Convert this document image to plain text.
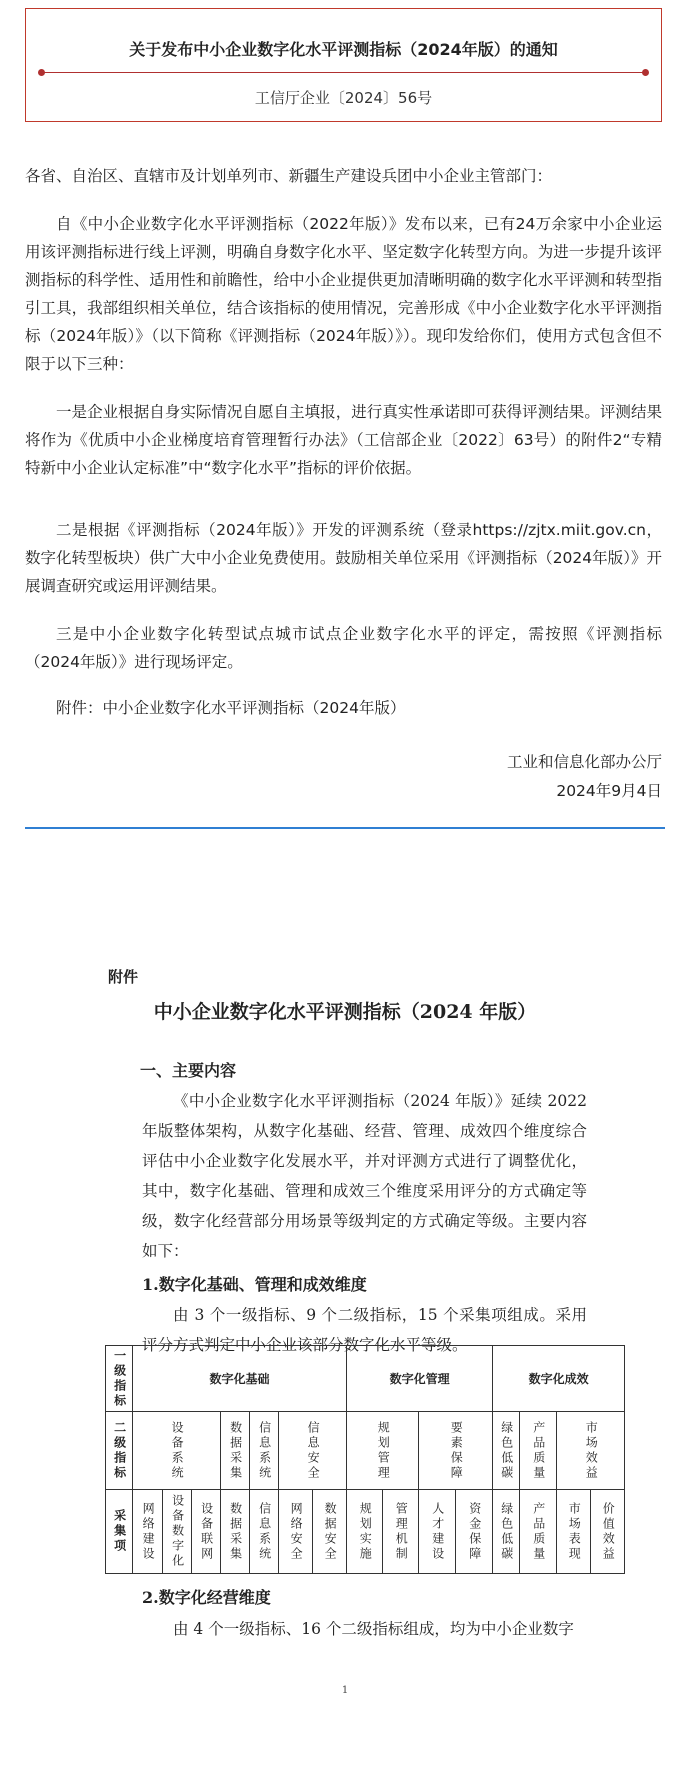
关于发布中小企业数字化水平评测指标（2024年版）的通知
工信厅企业〔2024〕56号

各省、自治区、直辖市及计划单列市、新疆生产建设兵团中小企业主管部门：

自《中小企业数字化水平评测指标（2022年版）》发布以来，已有24万余家中小企业运用该评测指标进行线上评测，明确自身数字化水平、坚定数字化转型方向。为进一步提升该评测指标的科学性、适用性和前瞻性，给中小企业提供更加清晰明确的数字化水平评测和转型指引工具，我部组织相关单位，结合该指标的使用情况，完善形成《中小企业数字化水平评测指标（2024年版）》（以下简称《评测指标（2024年版）》）。现印发给你们，使用方式包含但不限于以下三种：

一是企业根据自身实际情况自愿自主填报，进行真实性承诺即可获得评测结果。评测结果将作为《优质中小企业梯度培育管理暂行办法》（工信部企业〔2022〕63号）的附件2“专精特新中小企业认定标准”中“数字化水平”指标的评价依据。

二是根据《评测指标（2024年版）》开发的评测系统（登录https://zjtx.miit.gov.cn，数字化转型板块）供广大中小企业免费使用。鼓励相关单位采用《评测指标（2024年版）》开展调查研究或运用评测结果。

三是中小企业数字化转型试点城市试点企业数字化水平的评定，需按照《评测指标（2024年版）》进行现场评定。

附件：中小企业数字化水平评测指标（2024年版）

工业和信息化部办公厅
2024年9月4日
附件
中小企业数字化水平评测指标（2024 年版）
一、主要内容

《中小企业数字化水平评测指标（2024 年版）》延续 2022 年版整体架构，从数字化基础、经营、管理、成效四个维度综合评估中小企业数字化发展水平，并对评测方式进行了调整优化，其中，数字化基础、管理和成效三个维度采用评分的方式确定等级，数字化经营部分用场景等级判定的方式确定等级。主要内容如下：

1.数字化基础、管理和成效维度

由 3 个一级指标、9 个二级指标，15 个采集项组成。采用评分方式判定中小企业该部分数字化水平等级。

一级指标	数字化基础							数字化管理				数字化成效			

二级指标	设备系统			数据采集	信息系统	信息安全		规划管理		要素保障		绿色低碳	产品质量	市场效益	

采集项	网络建设	设备数字化	设备联网	数据采集	信息系统	网络安全	数据安全	规划实施	管理机制	人才建设	资金保障	绿色低碳	产品质量	市场表现	价值效益
2.数字化经营维度

由 4 个一级指标、16 个二级指标组成，均为中小企业数字

1
